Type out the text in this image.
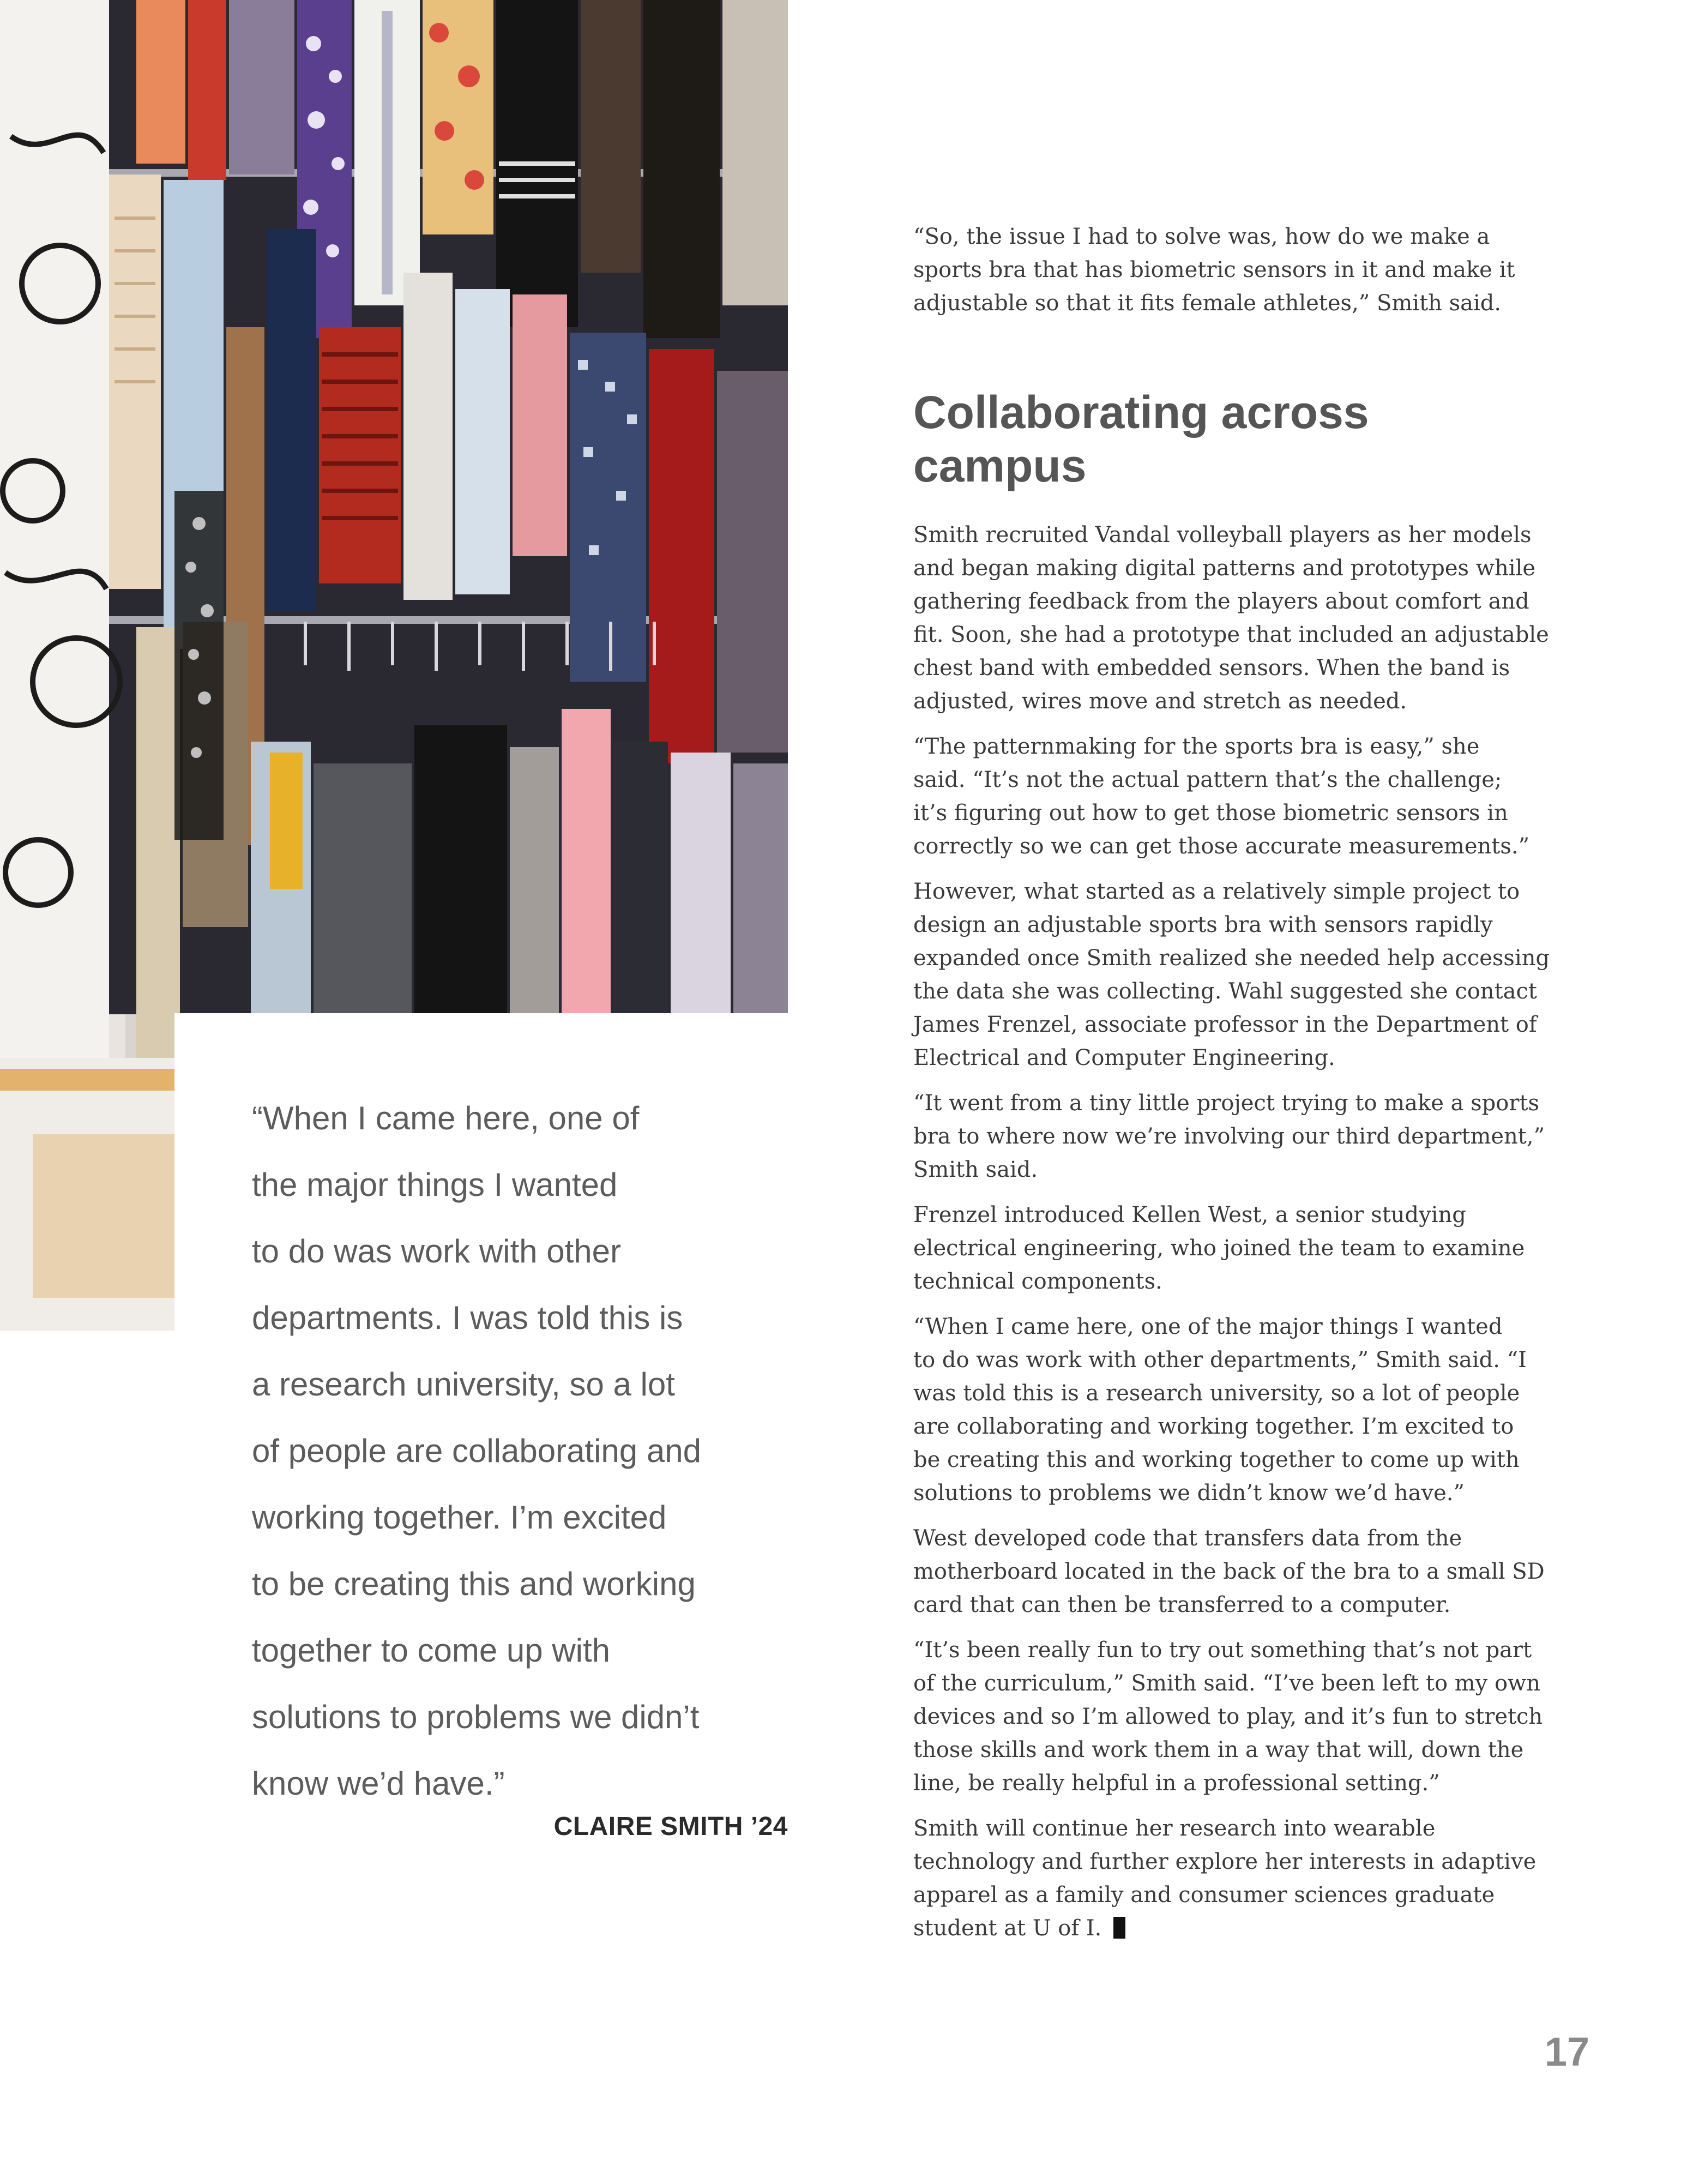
“When I came here, one of
the major things I wanted
to do was work with other
departments. I was told this is
a research university, so a lot
of people are collaborating and
working together. I’m excited
to be creating this and working
together to come up with
solutions to problems we didn’t
know we’d have.”
CLAIRE SMITH ’24

“So, the issue I had to solve was, how do we make a
sports bra that has biometric sensors in it and make it
adjustable so that it fits female athletes,” Smith said.

Collaborating across
campus

Smith recruited Vandal volleyball players as her models
and began making digital patterns and prototypes while
gathering feedback from the players about comfort and
fit. Soon, she had a prototype that included an adjustable
chest band with embedded sensors. When the band is
adjusted, wires move and stretch as needed.

“The patternmaking for the sports bra is easy,” she
said. “It’s not the actual pattern that’s the challenge;
it’s figuring out how to get those biometric sensors in
correctly so we can get those accurate measurements.”

However, what started as a relatively simple project to
design an adjustable sports bra with sensors rapidly
expanded once Smith realized she needed help accessing
the data she was collecting. Wahl suggested she contact
James Frenzel, associate professor in the Department of
Electrical and Computer Engineering.

“It went from a tiny little project trying to make a sports
bra to where now we’re involving our third department,”
Smith said.

Frenzel introduced Kellen West, a senior studying
electrical engineering, who joined the team to examine
technical components.

“When I came here, one of the major things I wanted
to do was work with other departments,” Smith said. “I
was told this is a research university, so a lot of people
are collaborating and working together. I’m excited to
be creating this and working together to come up with
solutions to problems we didn’t know we’d have.”

West developed code that transfers data from the
motherboard located in the back of the bra to a small SD
card that can then be transferred to a computer.

“It’s been really fun to try out something that’s not part
of the curriculum,” Smith said. “I’ve been left to my own
devices and so I’m allowed to play, and it’s fun to stretch
those skills and work them in a way that will, down the
line, be really helpful in a professional setting.”

Smith will continue her research into wearable
technology and further explore her interests in adaptive
apparel as a family and consumer sciences graduate
student at U of I.

17
